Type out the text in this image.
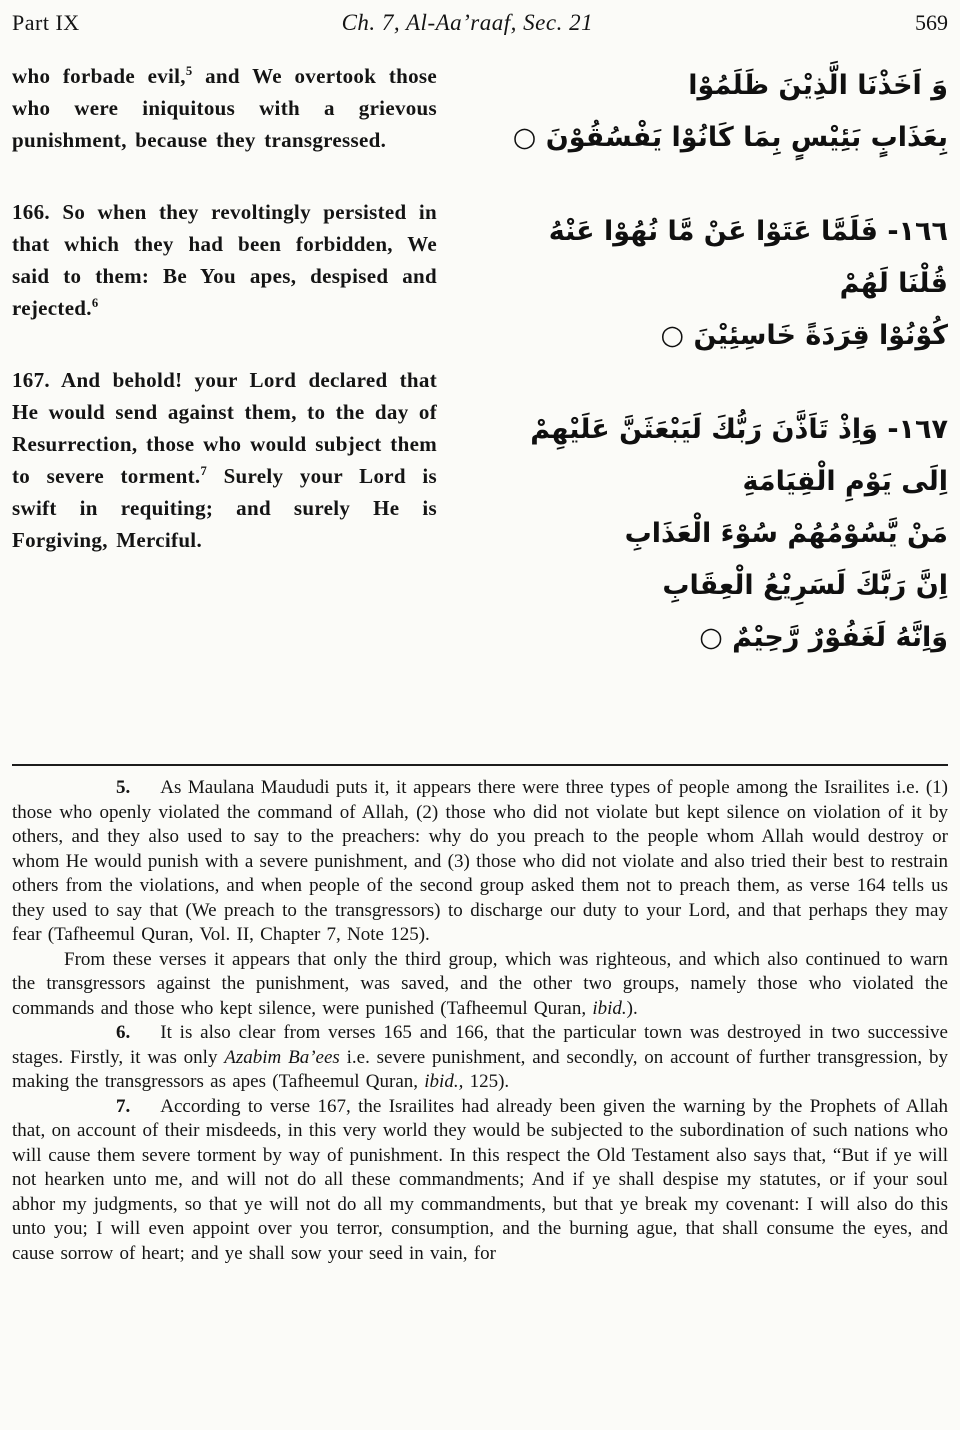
Part IX	Ch. 7, Al-Aa’raaf, Sec. 21	569

who forbade evil,$^5$ and We overtook those who were iniquitous with a grievous punishment, because they transgressed.

166. So when they revoltingly persisted in that which they had been forbidden, We said to them: Be You apes, despised and rejected.$^6$

167. And behold! your Lord declared that He would send against them, to the day of Resurrection, those who would subject them to severe torment.$^7$ Surely your Lord is swift in requiting; and surely He is Forgiving, Merciful.

وَ اَخَذْنَا الَّذِيْنَ ظَلَمُوْا
بِعَذَابٍ بَئِيْسٍ بِمَا كَانُوْا يَفْسُقُوْنَ ○
١٦٦- فَلَمَّا عَتَوْا عَنْ مَّا نُهُوْا عَنْهُ
قُلْنَا لَهُمْ
كُوْنُوْا قِرَدَةً خَاسِئِيْنَ ○
١٦٧- وَاِذْ تَاَذَّنَ رَبُّكَ لَيَبْعَثَنَّ عَلَيْهِمْ
اِلَى يَوْمِ الْقِيَامَةِ
مَنْ يَّسُوْمُهُمْ سُوْءَ الْعَذَابِ
اِنَّ رَبَّكَ لَسَرِيْعُ الْعِقَابِ
وَاِنَّهُ لَغَفُوْرٌ رَّحِيْمٌ ○

5. As Maulana Maududi puts it, it appears there were three types of people among the Israilites i.e. (1) those who openly violated the command of Allah, (2) those who did not violate but kept silence on violation of it by others, and they also used to say to the preachers: why do you preach to the people whom Allah would destroy or whom He would punish with a severe punishment, and (3) those who did not violate and also tried their best to restrain others from the violations, and when people of the second group asked them not to preach them, as verse 164 tells us they used to say that (We preach to the transgressors) to discharge our duty to your Lord, and that perhaps they may fear (Tafheemul Quran, Vol. II, Chapter 7, Note 125).

From these verses it appears that only the third group, which was righteous, and which also continued to warn the transgressors against the punishment, was saved, and the other two groups, namely those who violated the commands and those who kept silence, were punished (Tafheemul Quran, ibid.).

6. It is also clear from verses 165 and 166, that the particular town was destroyed in two successive stages. Firstly, it was only Azabim Ba’ees i.e. severe punishment, and secondly, on account of further transgression, by making the transgressors as apes (Tafheemul Quran, ibid., 125).

7. According to verse 167, the Israilites had already been given the warning by the Prophets of Allah that, on account of their misdeeds, in this very world they would be subjected to the subordination of such nations who will cause them severe torment by way of punishment. In this respect the Old Testament also says that, “But if ye will not hearken unto me, and will not do all these commandments; And if ye shall despise my statutes, or if your soul abhor my judgments, so that ye will not do all my commandments, but that ye break my covenant: I will also do this unto you; I will even appoint over you terror, consumption, and the burning ague, that shall consume the eyes, and cause sorrow of heart; and ye shall sow your seed in vain, for
